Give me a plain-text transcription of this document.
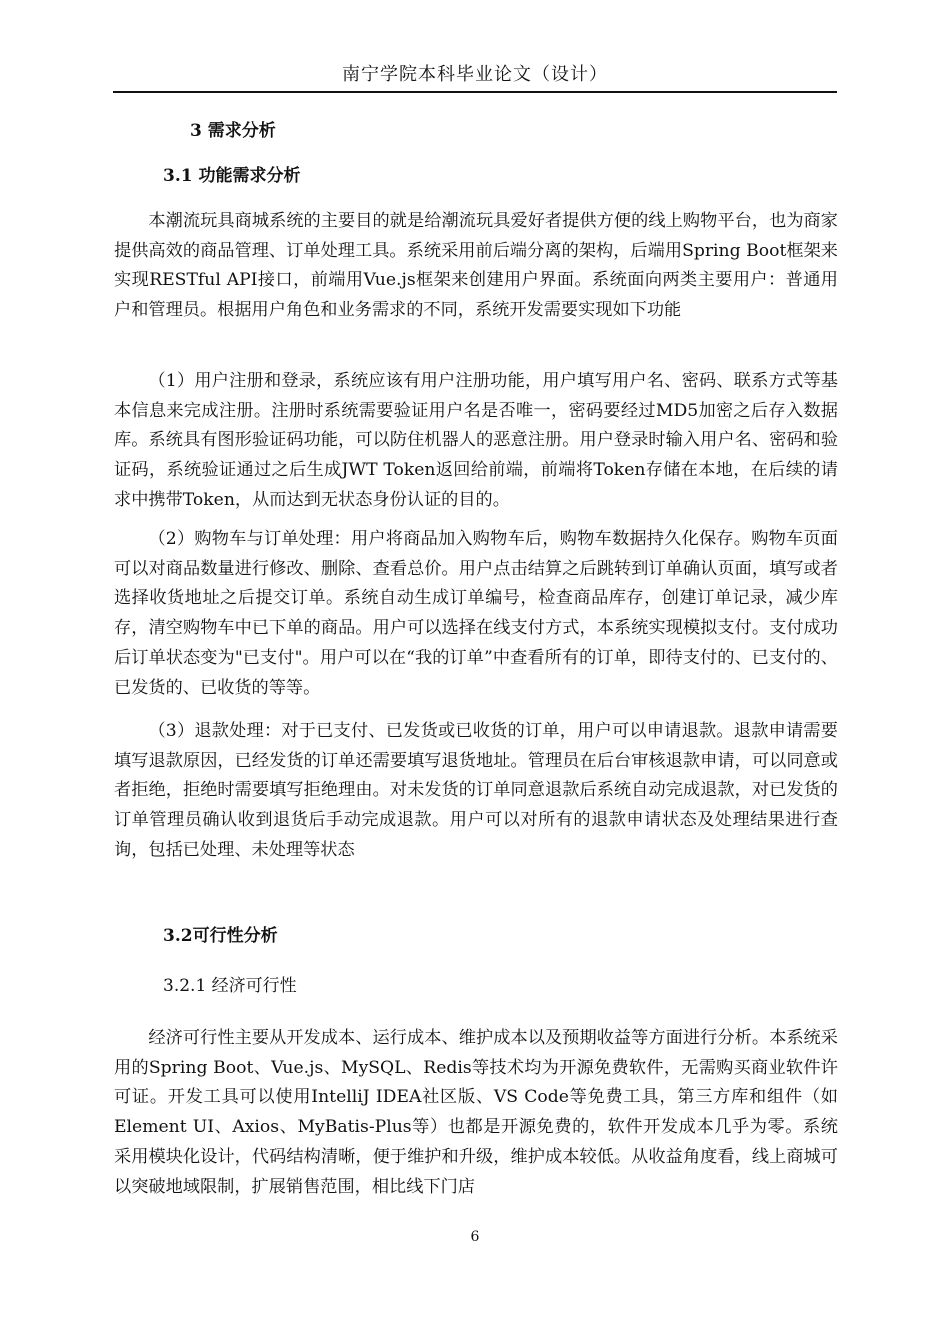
南宁学院本科毕业论文（设计）
3 需求分析
3.1 功能需求分析

本潮流玩具商城系统的主要目的就是给潮流玩具爱好者提供方便的线上购物平台，也为商家提供高效的商品管理、订单处理工具。系统采用前后端分离的架构，后端用Spring Boot框架来实现RESTful API接口，前端用Vue.js框架来创建用户界面。系统面向两类主要用户：普通用户和管理员。根据用户角色和业务需求的不同，系统开发需要实现如下功能

（1）用户注册和登录，系统应该有用户注册功能，用户填写用户名、密码、联系方式等基本信息来完成注册。注册时系统需要验证用户名是否唯一，密码要经过MD5加密之后存入数据库。系统具有图形验证码功能，可以防住机器人的恶意注册。用户登录时输入用户名、密码和验证码，系统验证通过之后生成JWT Token返回给前端，前端将Token存储在本地，在后续的请求中携带Token，从而达到无状态身份认证的目的。

（2）购物车与订单处理：用户将商品加入购物车后，购物车数据持久化保存。购物车页面可以对商品数量进行修改、删除、查看总价。用户点击结算之后跳转到订单确认页面，填写或者选择收货地址之后提交订单。系统自动生成订单编号，检查商品库存，创建订单记录，减少库存，清空购物车中已下单的商品。用户可以选择在线支付方式，本系统实现模拟支付。支付成功后订单状态变为"已支付"。用户可以在“我的订单”中查看所有的订单，即待支付的、已支付的、已发货的、已收货的等等。

（3）退款处理：对于已支付、已发货或已收货的订单，用户可以申请退款。退款申请需要填写退款原因，已经发货的订单还需要填写退货地址。管理员在后台审核退款申请，可以同意或者拒绝，拒绝时需要填写拒绝理由。对未发货的订单同意退款后系统自动完成退款，对已发货的订单管理员确认收到退货后手动完成退款。用户可以对所有的退款申请状态及处理结果进行查询，包括已处理、未处理等状态

3.2可行性分析
3.2.1 经济可行性

经济可行性主要从开发成本、运行成本、维护成本以及预期收益等方面进行分析。本系统采用的Spring Boot、Vue.js、MySQL、Redis等技术均为开源免费软件，无需购买商业软件许可证。开发工具可以使用IntelliJ IDEA社区版、VS Code等免费工具，第三方库和组件（如Element UI、Axios、MyBatis-Plus等）也都是开源免费的，软件开发成本几乎为零。系统采用模块化设计，代码结构清晰，便于维护和升级，维护成本较低。从收益角度看，线上商城可以突破地域限制，扩展销售范围，相比线下门店

6
